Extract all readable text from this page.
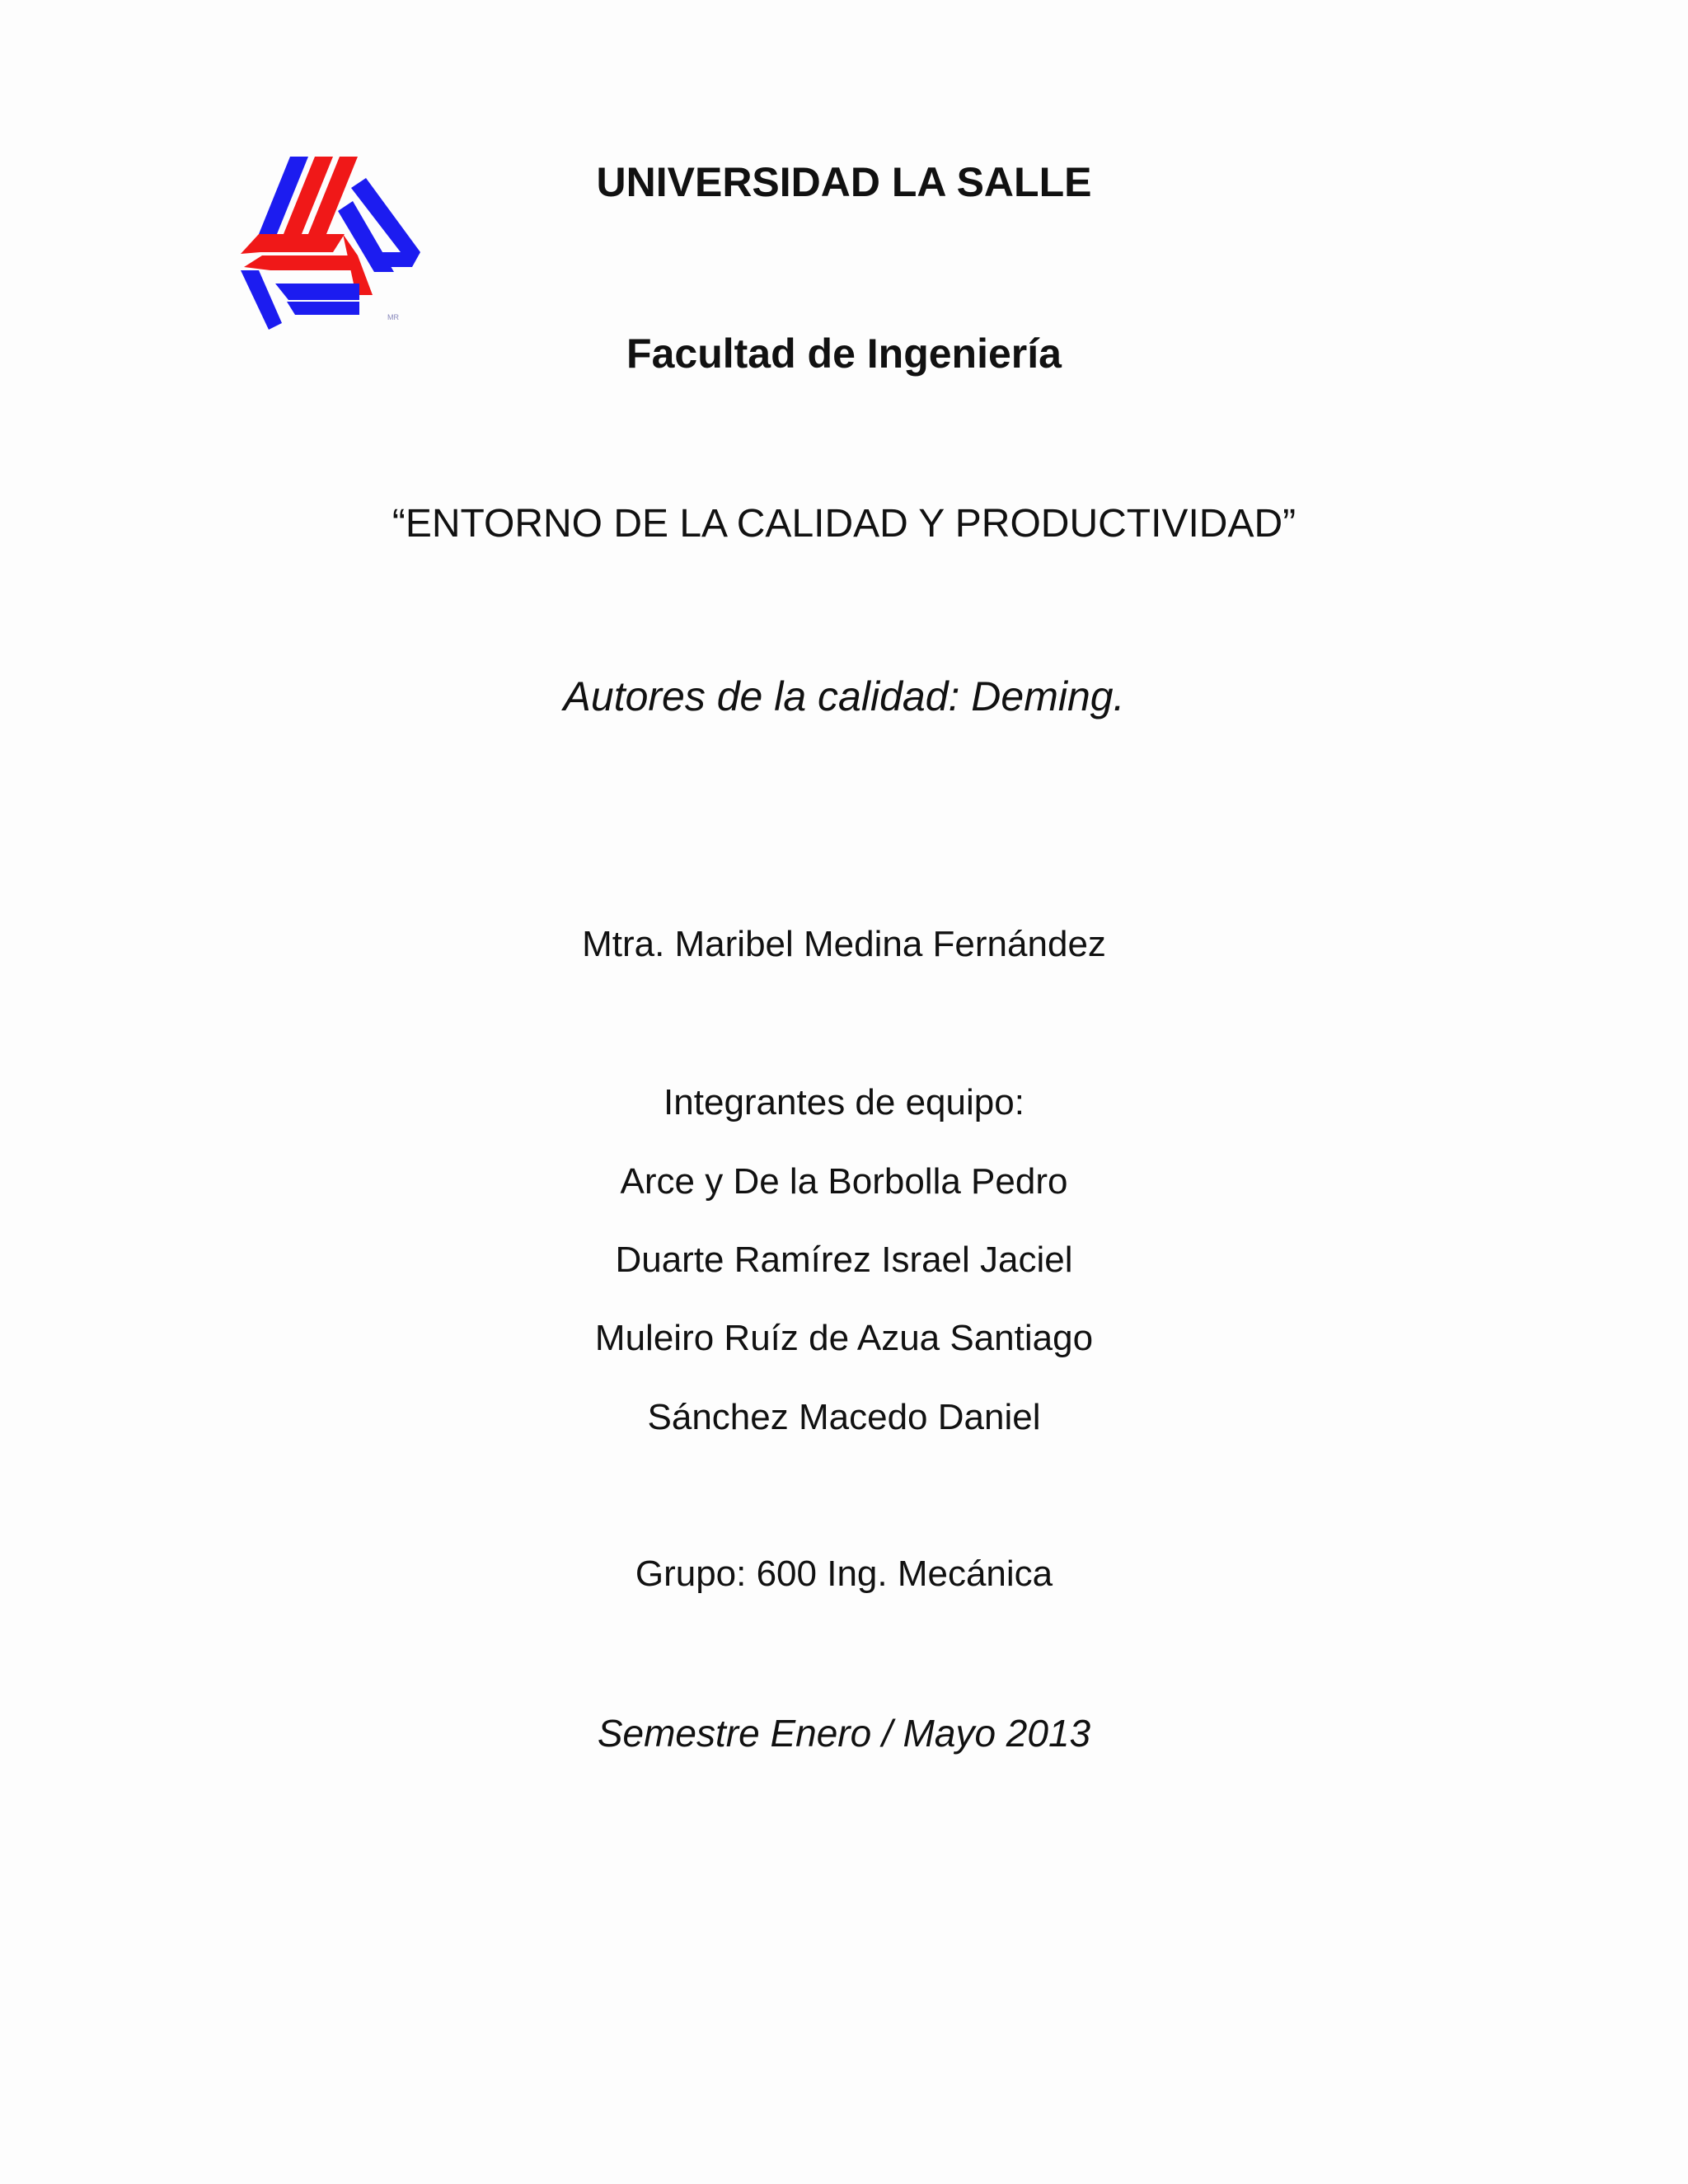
MR
UNIVERSIDAD LA SALLE
Facultad de Ingeniería
“ENTORNO DE LA CALIDAD Y PRODUCTIVIDAD”
Autores de la calidad: Deming.
Mtra. Maribel Medina Fernández
Integrantes de equipo:
Arce y De la Borbolla Pedro
Duarte Ramírez Israel Jaciel
Muleiro Ruíz de Azua Santiago
Sánchez Macedo Daniel
Grupo: 600 Ing. Mecánica
Semestre Enero / Mayo 2013
